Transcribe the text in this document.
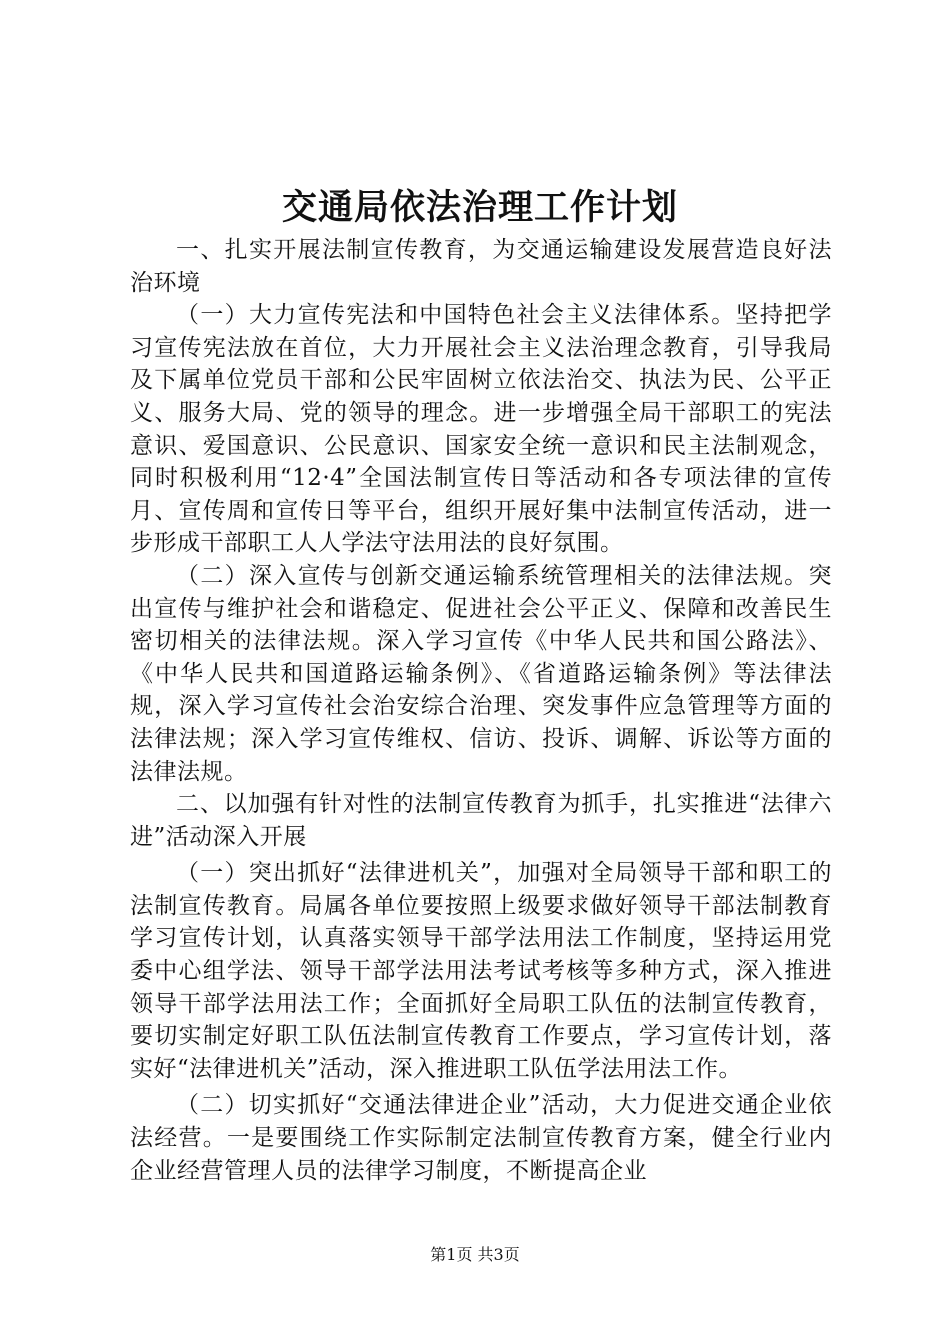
交通局依法治理工作计划

一、扎实开展法制宣传教育，为交通运输建设发展营造良好法治环境

（一）大力宣传宪法和中国特色社会主义法律体系。坚持把学习宣传宪法放在首位，大力开展社会主义法治理念教育，引导我局及下属单位党员干部和公民牢固树立依法治交、执法为民、公平正义、服务大局、党的领导的理念。进一步增强全局干部职工的宪法意识、爱国意识、公民意识、国家安全统一意识和民主法制观念，同时积极利用“12·4”全国法制宣传日等活动和各专项法律的宣传月、宣传周和宣传日等平台，组织开展好集中法制宣传活动，进一步形成干部职工人人学法守法用法的良好氛围。

（二）深入宣传与创新交通运输系统管理相关的法律法规。突出宣传与维护社会和谐稳定、促进社会公平正义、保障和改善民生密切相关的法律法规。深入学习宣传《中华人民共和国公路法》、《中华人民共和国道路运输条例》、《省道路运输条例》等法律法规，深入学习宣传社会治安综合治理、突发事件应急管理等方面的法律法规；深入学习宣传维权、信访、投诉、调解、诉讼等方面的法律法规。

二、以加强有针对性的法制宣传教育为抓手，扎实推进“法律六进”活动深入开展

（一）突出抓好“法律进机关”，加强对全局领导干部和职工的法制宣传教育。局属各单位要按照上级要求做好领导干部法制教育学习宣传计划，认真落实领导干部学法用法工作制度，坚持运用党委中心组学法、领导干部学法用法考试考核等多种方式，深入推进领导干部学法用法工作；全面抓好全局职工队伍的法制宣传教育，要切实制定好职工队伍法制宣传教育工作要点，学习宣传计划，落实好“法律进机关”活动，深入推进职工队伍学法用法工作。

（二）切实抓好“交通法律进企业”活动，大力促进交通企业依法经营。一是要围绕工作实际制定法制宣传教育方案，健全行业内企业经营管理人员的法律学习制度，不断提高企业

第1页 共3页
